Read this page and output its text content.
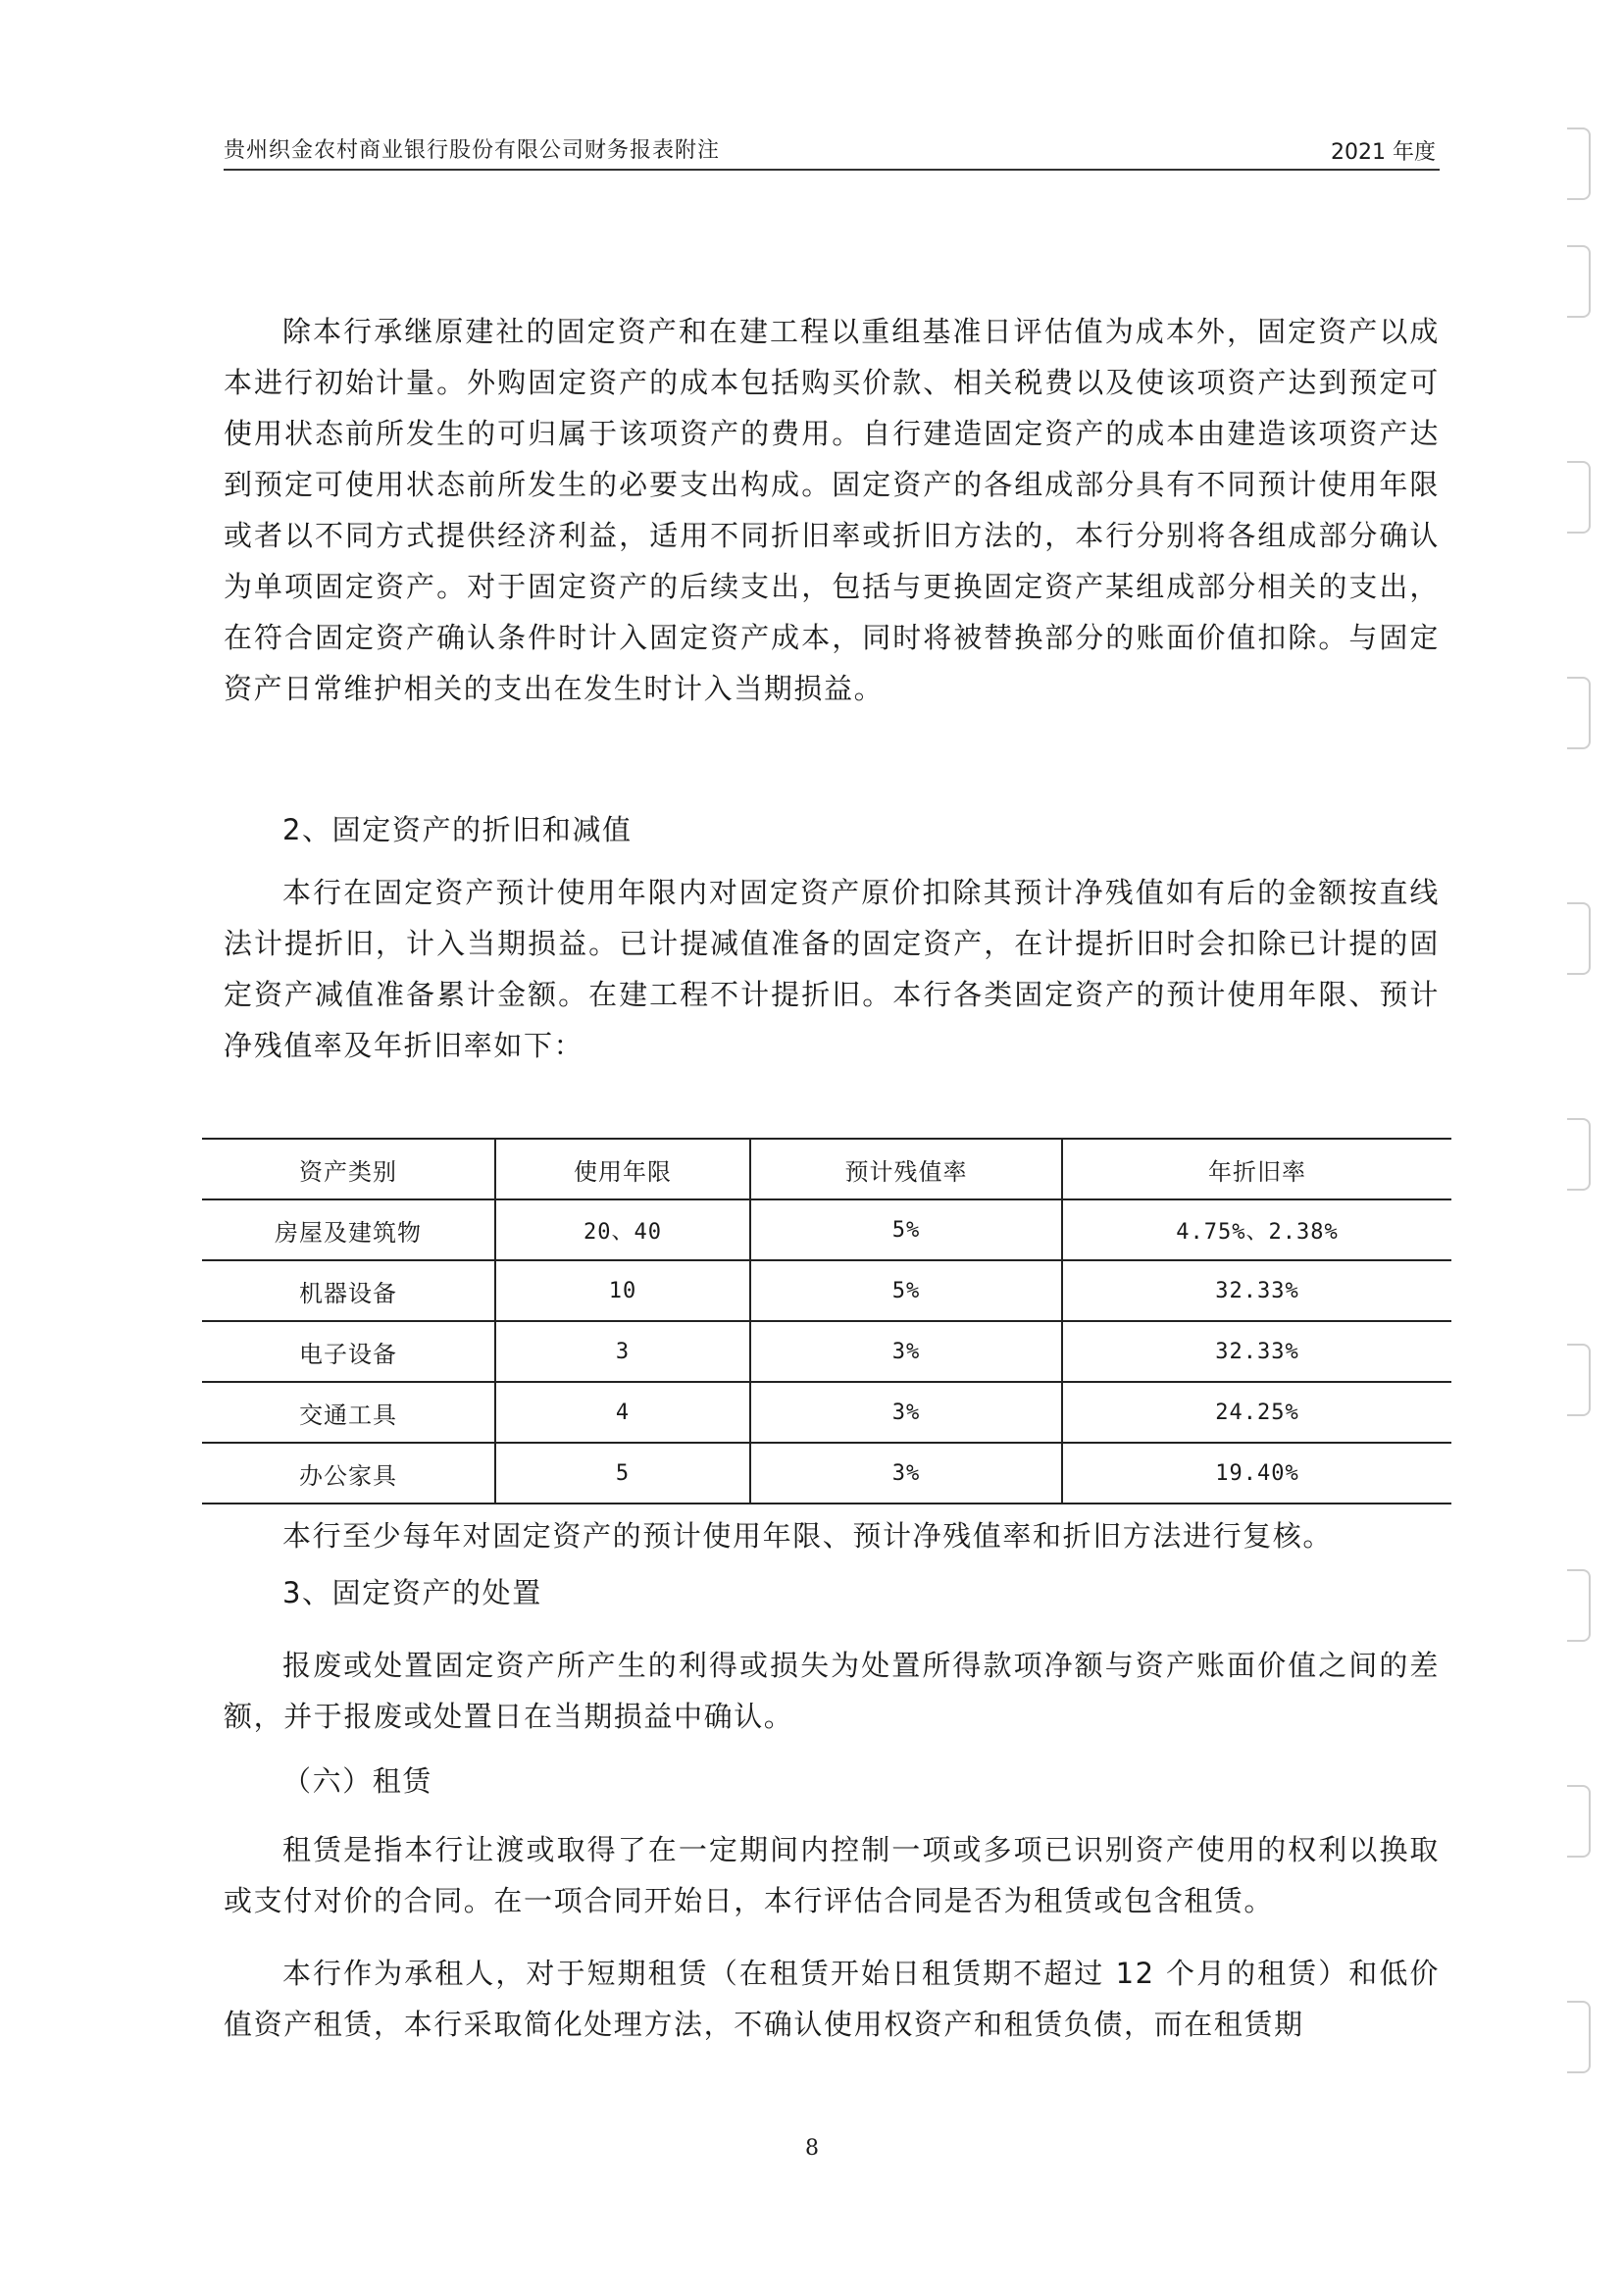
贵州织金农村商业银行股份有限公司财务报表附注	2021 年度

除本行承继原建社的固定资产和在建工程以重组基准日评估值为成本外，固定资产以成本进行初始计量。外购固定资产的成本包括购买价款、相关税费以及使该项资产达到预定可使用状态前所发生的可归属于该项资产的费用。自行建造固定资产的成本由建造该项资产达到预定可使用状态前所发生的必要支出构成。固定资产的各组成部分具有不同预计使用年限或者以不同方式提供经济利益，适用不同折旧率或折旧方法的，本行分别将各组成部分确认为单项固定资产。对于固定资产的后续支出，包括与更换固定资产某组成部分相关的支出，在符合固定资产确认条件时计入固定资产成本，同时将被替换部分的账面价值扣除。与固定资产日常维护相关的支出在发生时计入当期损益。

2、固定资产的折旧和减值

本行在固定资产预计使用年限内对固定资产原价扣除其预计净残值如有后的金额按直线法计提折旧，计入当期损益。已计提减值准备的固定资产，在计提折旧时会扣除已计提的固定资产减值准备累计金额。在建工程不计提折旧。本行各类固定资产的预计使用年限、预计净残值率及年折旧率如下：

资产类别	使用年限	预计残值率	年折旧率
房屋及建筑物	20、40	5%	4.75%、2.38%
机器设备	10	5%	32.33%
电子设备	3	3%	32.33%
交通工具	4	3%	24.25%
办公家具	5	3%	19.40%

本行至少每年对固定资产的预计使用年限、预计净残值率和折旧方法进行复核。

3、固定资产的处置

报废或处置固定资产所产生的利得或损失为处置所得款项净额与资产账面价值之间的差额，并于报废或处置日在当期损益中确认。

（六）租赁

租赁是指本行让渡或取得了在一定期间内控制一项或多项已识别资产使用的权利以换取或支付对价的合同。在一项合同开始日，本行评估合同是否为租赁或包含租赁。

本行作为承租人，对于短期租赁（在租赁开始日租赁期不超过 12 个月的租赁）和低价值资产租赁，本行采取简化处理方法，不确认使用权资产和租赁负债，而在租赁期

8
